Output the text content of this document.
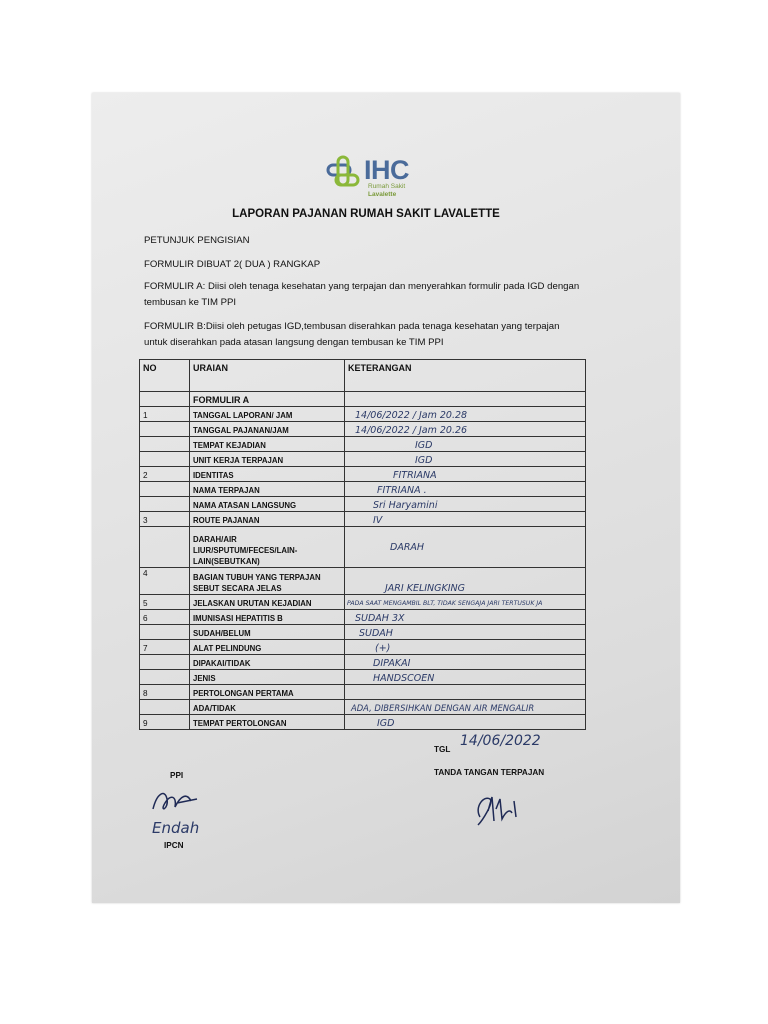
IHC
Rumah Sakit
Lavalette
LAPORAN PAJANAN RUMAH SAKIT LAVALETTE
PETUNJUK PENGISIAN
FORMULIR DIBUAT 2( DUA ) RANGKAP
FORMULIR A: Diisi oleh tenaga kesehatan yang terpajan dan menyerahkan formulir pada IGD dengan tembusan ke TIM PPI
FORMULIR B:Diisi oleh petugas IGD,tembusan diserahkan pada tenaga kesehatan yang terpajan untuk diserahkan pada atasan langsung dengan tembusan ke TIM PPI
NO	URAIAN	KETERANGAN
	FORMULIR A	
1	TANGGAL LAPORAN/ JAM	14/06/2022 / Jam 20.28
	TANGGAL PAJANAN/JAM	14/06/2022 / Jam 20.26
	TEMPAT KEJADIAN	IGD
	UNIT KERJA TERPAJAN	IGD
2	IDENTITAS	FITRIANA
	NAMA TERPAJAN	FITRIANA .
	NAMA ATASAN LANGSUNG	Sri Haryamini
3	ROUTE PAJANAN	IV
	DARAH/AIR LIUR/SPUTUM/FECES/LAIN-LAIN(SEBUTKAN)	DARAH
4	BAGIAN TUBUH YANG TERPAJAN SEBUT SECARA JELAS	JARI KELINGKING
5	JELASKAN URUTAN KEJADIAN	PADA SAAT MENGAMBIL BLT, TIDAK SENGAJA JARI TERTUSUK JA
6	IMUNISASI HEPATITIS B	SUDAH 3X
	SUDAH/BELUM	SUDAH
7	ALAT PELINDUNG	(+)
	DIPAKAI/TIDAK	DIPAKAI
	JENIS	HANDSCOEN
8	PERTOLONGAN PERTAMA	
	ADA/TIDAK	ADA, DIBERSIHKAN DENGAN AIR MENGALIR
9	TEMPAT PERTOLONGAN	IGD
TGL
14/06/2022
TANDA TANGAN TERPAJAN
PPI
Endah
IPCN
